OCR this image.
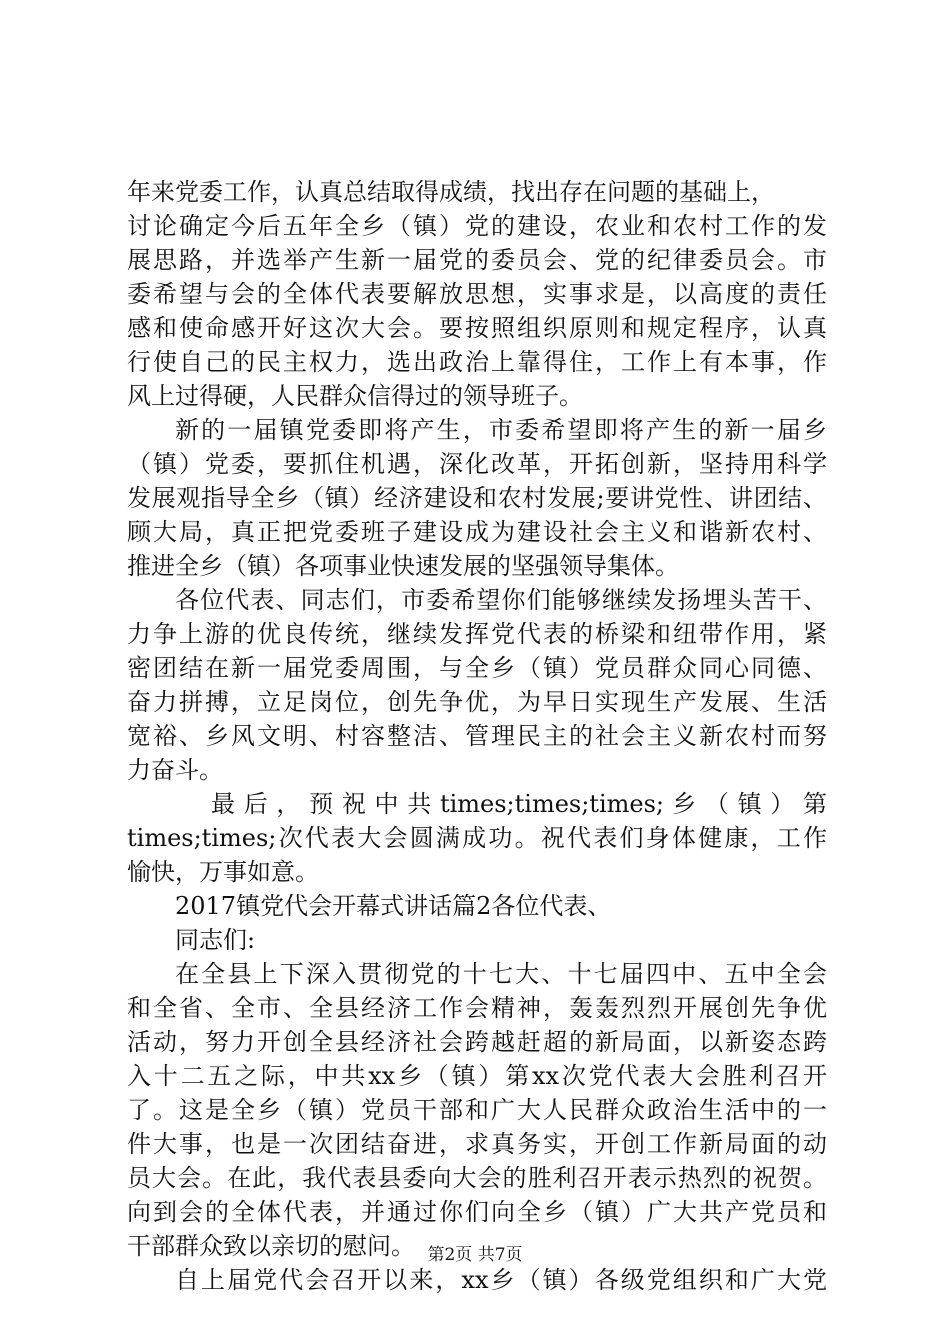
年来党委工作，认真总结取得成绩，找出存在问题的基础上，
讨论确定今后五年全乡（镇）党的建设，农业和农村工作的发
展思路，并选举产生新一届党的委员会、党的纪律委员会。市
委希望与会的全体代表要解放思想，实事求是，以高度的责任
感和使命感开好这次大会。要按照组织原则和规定程序，认真
行使自己的民主权力，选出政治上靠得住，工作上有本事，作
风上过得硬，人民群众信得过的领导班子。
新的一届镇党委即将产生，市委希望即将产生的新一届乡
（镇）党委，要抓住机遇，深化改革，开拓创新，坚持用科学
发展观指导全乡（镇）经济建设和农村发展;要讲党性、讲团结、
顾大局，真正把党委班子建设成为建设社会主义和谐新农村、
推进全乡（镇）各项事业快速发展的坚强领导集体。
各位代表、同志们，市委希望你们能够继续发扬埋头苦干、
力争上游的优良传统，继续发挥党代表的桥梁和纽带作用，紧
密团结在新一届党委周围，与全乡（镇）党员群众同心同德、
奋力拼搏，立足岗位，创先争优，为早日实现生产发展、生活
宽裕、乡风文明、村容整洁、管理民主的社会主义新农村而努
力奋斗。
最 后 ， 预 祝 中 共 times;times;times; 乡 （ 镇 ） 第
times;times;次代表大会圆满成功。祝代表们身体健康，工作
愉快，万事如意。
2017镇党代会开幕式讲话篇2各位代表、
同志们:
在全县上下深入贯彻党的十七大、十七届四中、五中全会
和全省、全市、全县经济工作会精神，轰轰烈烈开展创先争优
活动，努力开创全县经济社会跨越赶超的新局面，以新姿态跨
入十二五之际，中共xx乡（镇）第xx次党代表大会胜利召开
了。这是全乡（镇）党员干部和广大人民群众政治生活中的一
件大事，也是一次团结奋进，求真务实，开创工作新局面的动
员大会。在此，我代表县委向大会的胜利召开表示热烈的祝贺。
向到会的全体代表，并通过你们向全乡（镇）广大共产党员和
干部群众致以亲切的慰问。
自上届党代会召开以来，xx乡（镇）各级党组织和广大党
第2页 共7页
